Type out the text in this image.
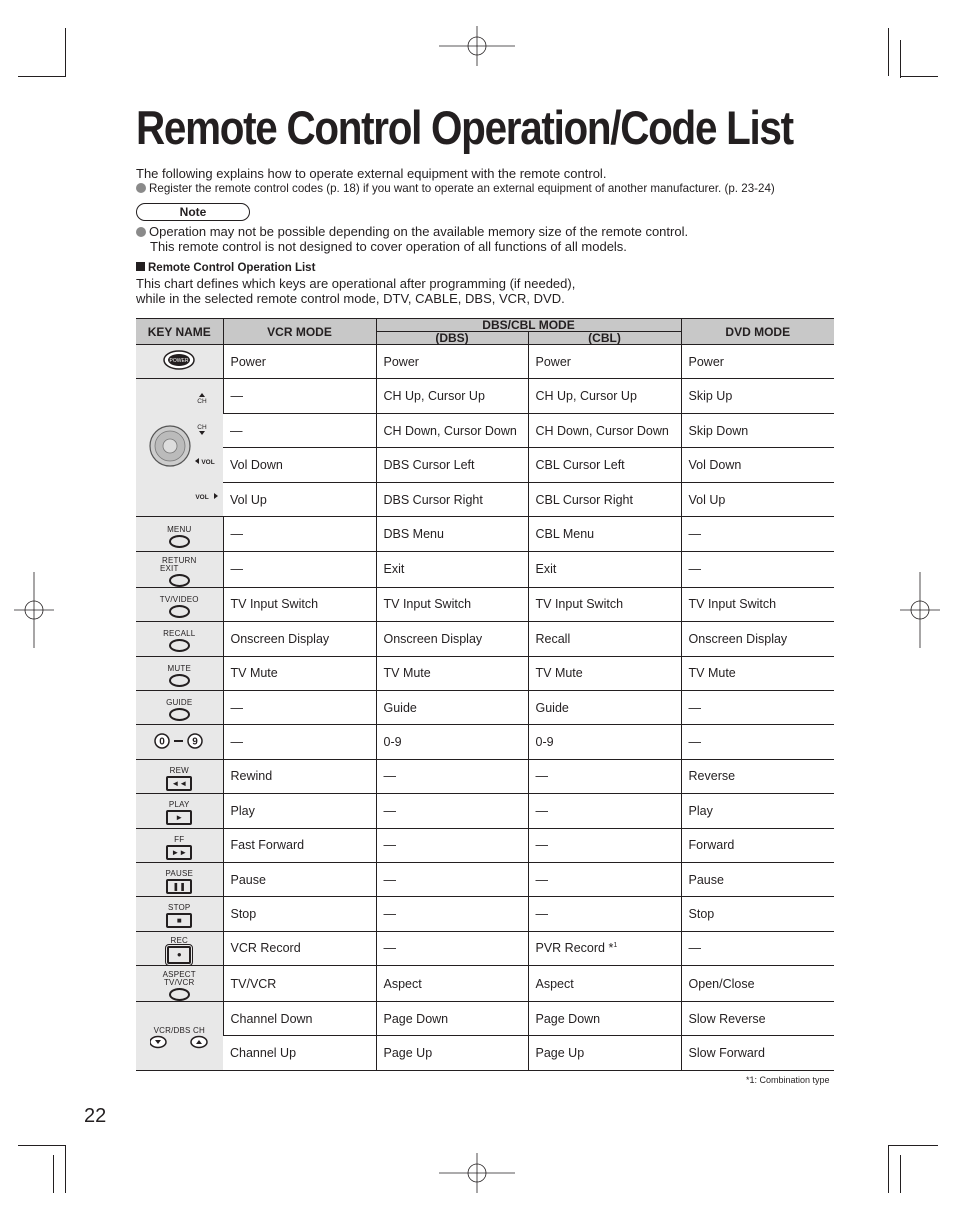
Remote Control Operation/Code List
The following explains how to operate external equipment with the remote control.
Register the remote control codes (p. 18) if you want to operate an external equipment of another manufacturer. (p. 23-24)
Note
Operation may not be possible depending on the available memory size of the remote control.
This remote control is not designed to cover operation of all functions of all models.
Remote Control Operation List
This chart defines which keys are operational after programming (if needed),
while in the selected remote control mode, DTV, CABLE, DBS, VCR, DVD.
KEY NAME	VCR MODE	DBS/CBL MODE		DVD MODE
		(DBS)	(CBL)	

POWER	Power	Power	Power	Power

CH
CH
VOL
VOL	—	CH Up, Cursor Up	CH Up, Cursor Up	Skip Up
	—	CH Down, Cursor Down	CH Down, Cursor Down	Skip Down
	Vol Down	DBS Cursor Left	CBL Cursor Left	Vol Down
	Vol Up	DBS Cursor Right	CBL Cursor Right	Vol Up

MENU	—	DBS Menu	CBL Menu	—

RETURN
EXIT	—	Exit	Exit	—

TV/VIDEO	TV Input Switch	TV Input Switch	TV Input Switch	TV Input Switch

RECALL	Onscreen Display	Onscreen Display	Recall	Onscreen Display

MUTE	TV Mute	TV Mute	TV Mute	TV Mute

GUIDE	—	Guide	Guide	—

0 9	—	0-9	0-9	—

REW
◄◄	Rewind	—	—	Reverse

PLAY
►	Play	—	—	Play

FF
►►	Fast Forward	—	—	Forward

PAUSE
❚❚	Pause	—	—	Pause

STOP
■	Stop	—	—	Stop

REC
●	VCR Record	—	PVR Record *$^1$	—

ASPECT
TV/VCR	TV/VCR	Aspect	Aspect	Open/Close

VCR/DBS CH	Channel Down	Page Down	Page Down	Slow Reverse
	Channel Up	Page Up	Page Up	Slow Forward
*1: Combination type
22
